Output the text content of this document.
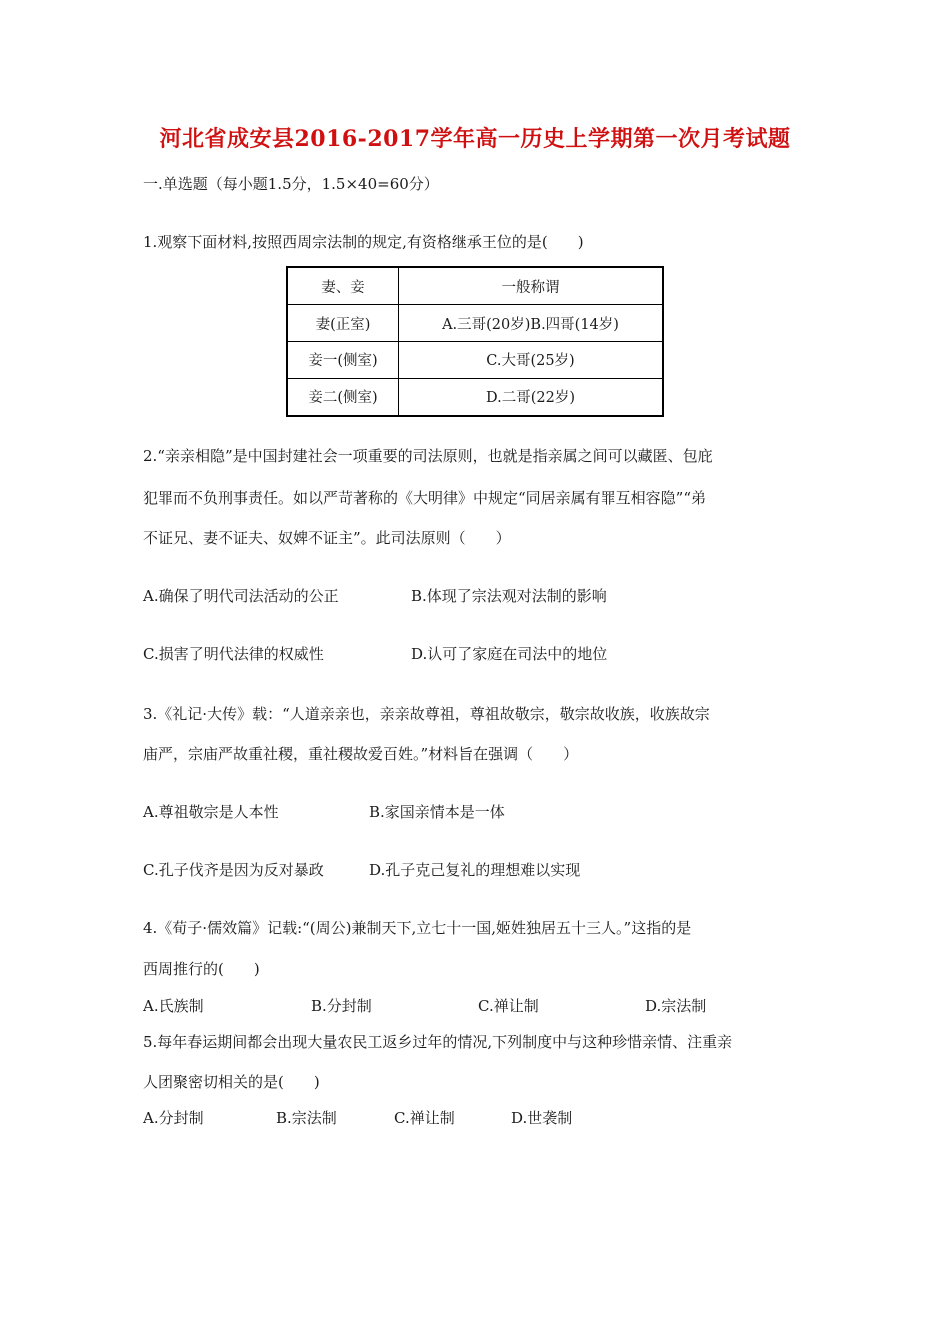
河北省成安县2016-2017学年高一历史上学期第一次月考试题
一.单选题（每小题1.5分，1.5×40=60分）
1.观察下面材料,按照西周宗法制的规定,有资格继承王位的是(　　)
妻、妾	一般称谓
妻(正室)	A.三哥(20岁)B.四哥(14岁)
妾一(侧室)	C.大哥(25岁)
妾二(侧室)	D.二哥(22岁)
2.“亲亲相隐”是中国封建社会一项重要的司法原则，也就是指亲属之间可以藏匿、包庇
犯罪而不负刑事责任。如以严苛著称的《大明律》中规定“同居亲属有罪互相容隐”“弟
不证兄、妻不证夫、奴婢不证主”。此司法原则（　　）
A.确保了明代司法活动的公正	B.体现了宗法观对法制的影响
C.损害了明代法律的权威性	D.认可了家庭在司法中的地位
3.《礼记·大传》载：“人道亲亲也，亲亲故尊祖，尊祖故敬宗，敬宗故收族，收族故宗
庙严，宗庙严故重社稷，重社稷故爱百姓。”材料旨在强调（　　）
A.尊祖敬宗是人本性	B.家国亲情本是一体
C.孔子伐齐是因为反对暴政	D.孔子克己复礼的理想难以实现
4.《荀子·儒效篇》记载:“(周公)兼制天下,立七十一国,姬姓独居五十三人。”这指的是
西周推行的(　　)
A.氏族制	B.分封制	C.禅让制	D.宗法制
5.每年春运期间都会出现大量农民工返乡过年的情况,下列制度中与这种珍惜亲情、注重亲
人团聚密切相关的是(　　)
A.分封制	B.宗法制	C.禅让制	D.世袭制
